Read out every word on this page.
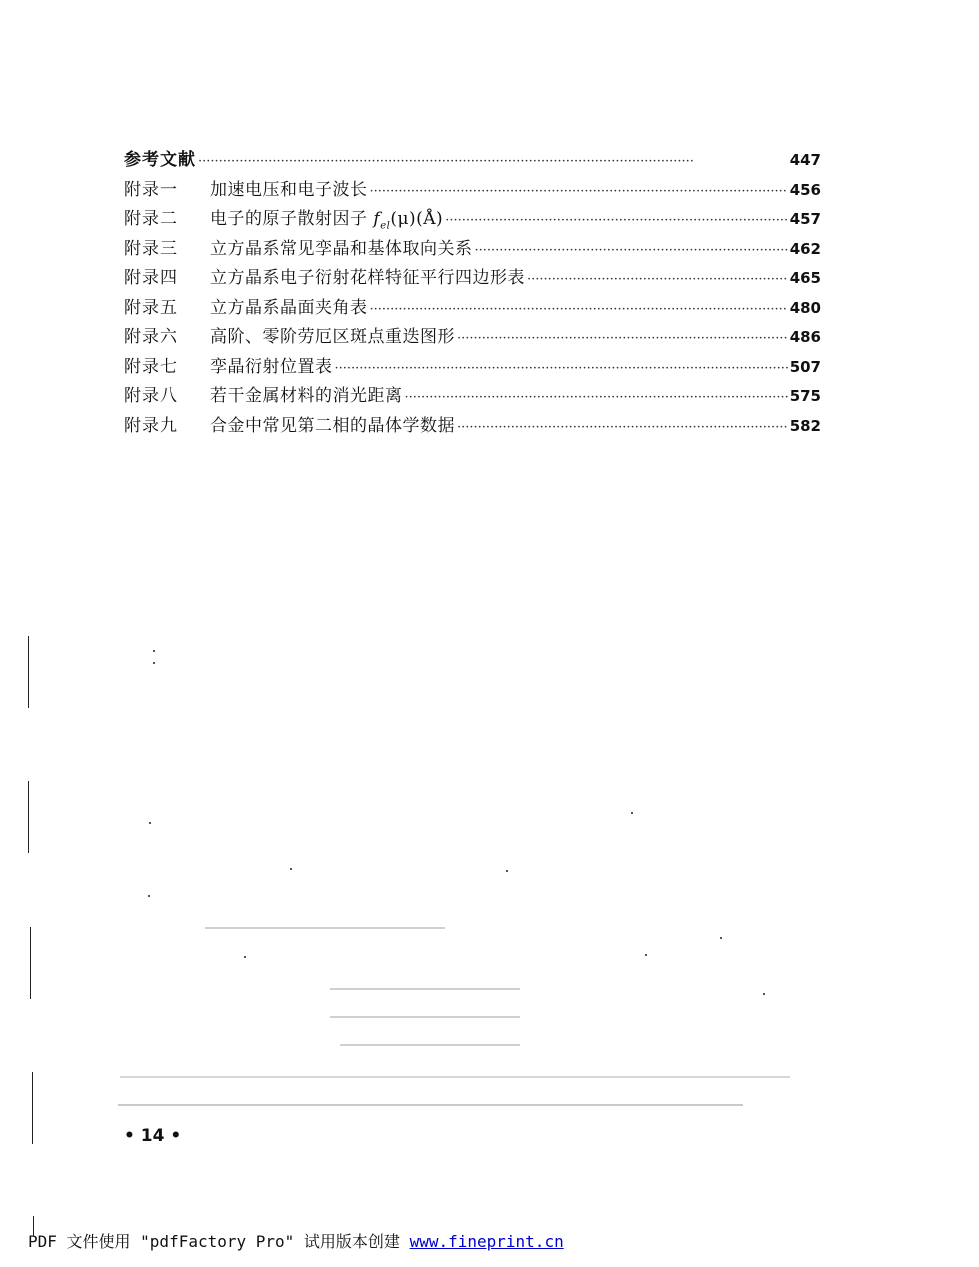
参考文献 ·····	447
附录一	加速电压和电子波长 ·····	456
附录二	电子的原子散射因子 $f_{el}(\mu)(Å)$ ·····	457
附录三	立方晶系常见孪晶和基体取向关系 ·····	462
附录四	立方晶系电子衍射花样特征平行四边形表 ·····	465
附录五	立方晶系晶面夹角表 ·····	480
附录六	高阶、零阶劳厄区斑点重迭图形 ·····	486
附录七	孪晶衍射位置表 ·····	507
附录八	若干金属材料的消光距离 ·····	575
附录九	合金中常见第二相的晶体学数据 ·····	582
• 14 •
PDF 文件使用 "pdfFactory Pro" 试用版本创建 www.fineprint.cn
